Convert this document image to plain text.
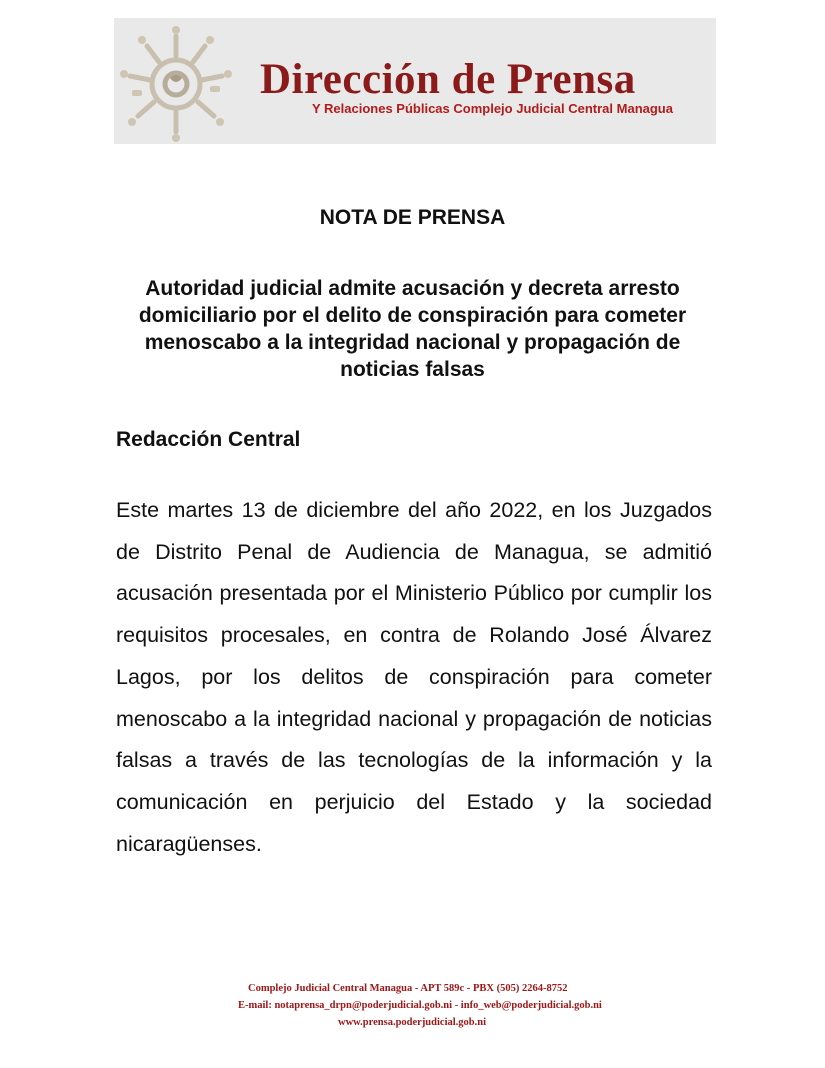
Dirección de Prensa
Y Relaciones Públicas Complejo Judicial Central Managua
NOTA DE PRENSA
Autoridad judicial admite acusación y decreta arresto domiciliario por el delito de conspiración para cometer menoscabo a la integridad nacional y propagación de noticias falsas
Redacción Central
Este martes 13 de diciembre del año 2022, en los Juzgados de Distrito Penal de Audiencia de Managua, se admitió acusación presentada por el Ministerio Público por cumplir los requisitos procesales, en contra de Rolando José Álvarez Lagos, por los delitos de conspiración para cometer menoscabo a la integridad nacional y propagación de noticias falsas a través de las tecnologías de la información y la comunicación en perjuicio del Estado y la sociedad nicaragüenses.
Complejo Judicial Central Managua - APT 589c - PBX (505) 2264-8752
E-mail: notaprensa_drpn@poderjudicial.gob.ni - info_web@poderjudicial.gob.ni
www.prensa.poderjudicial.gob.ni
